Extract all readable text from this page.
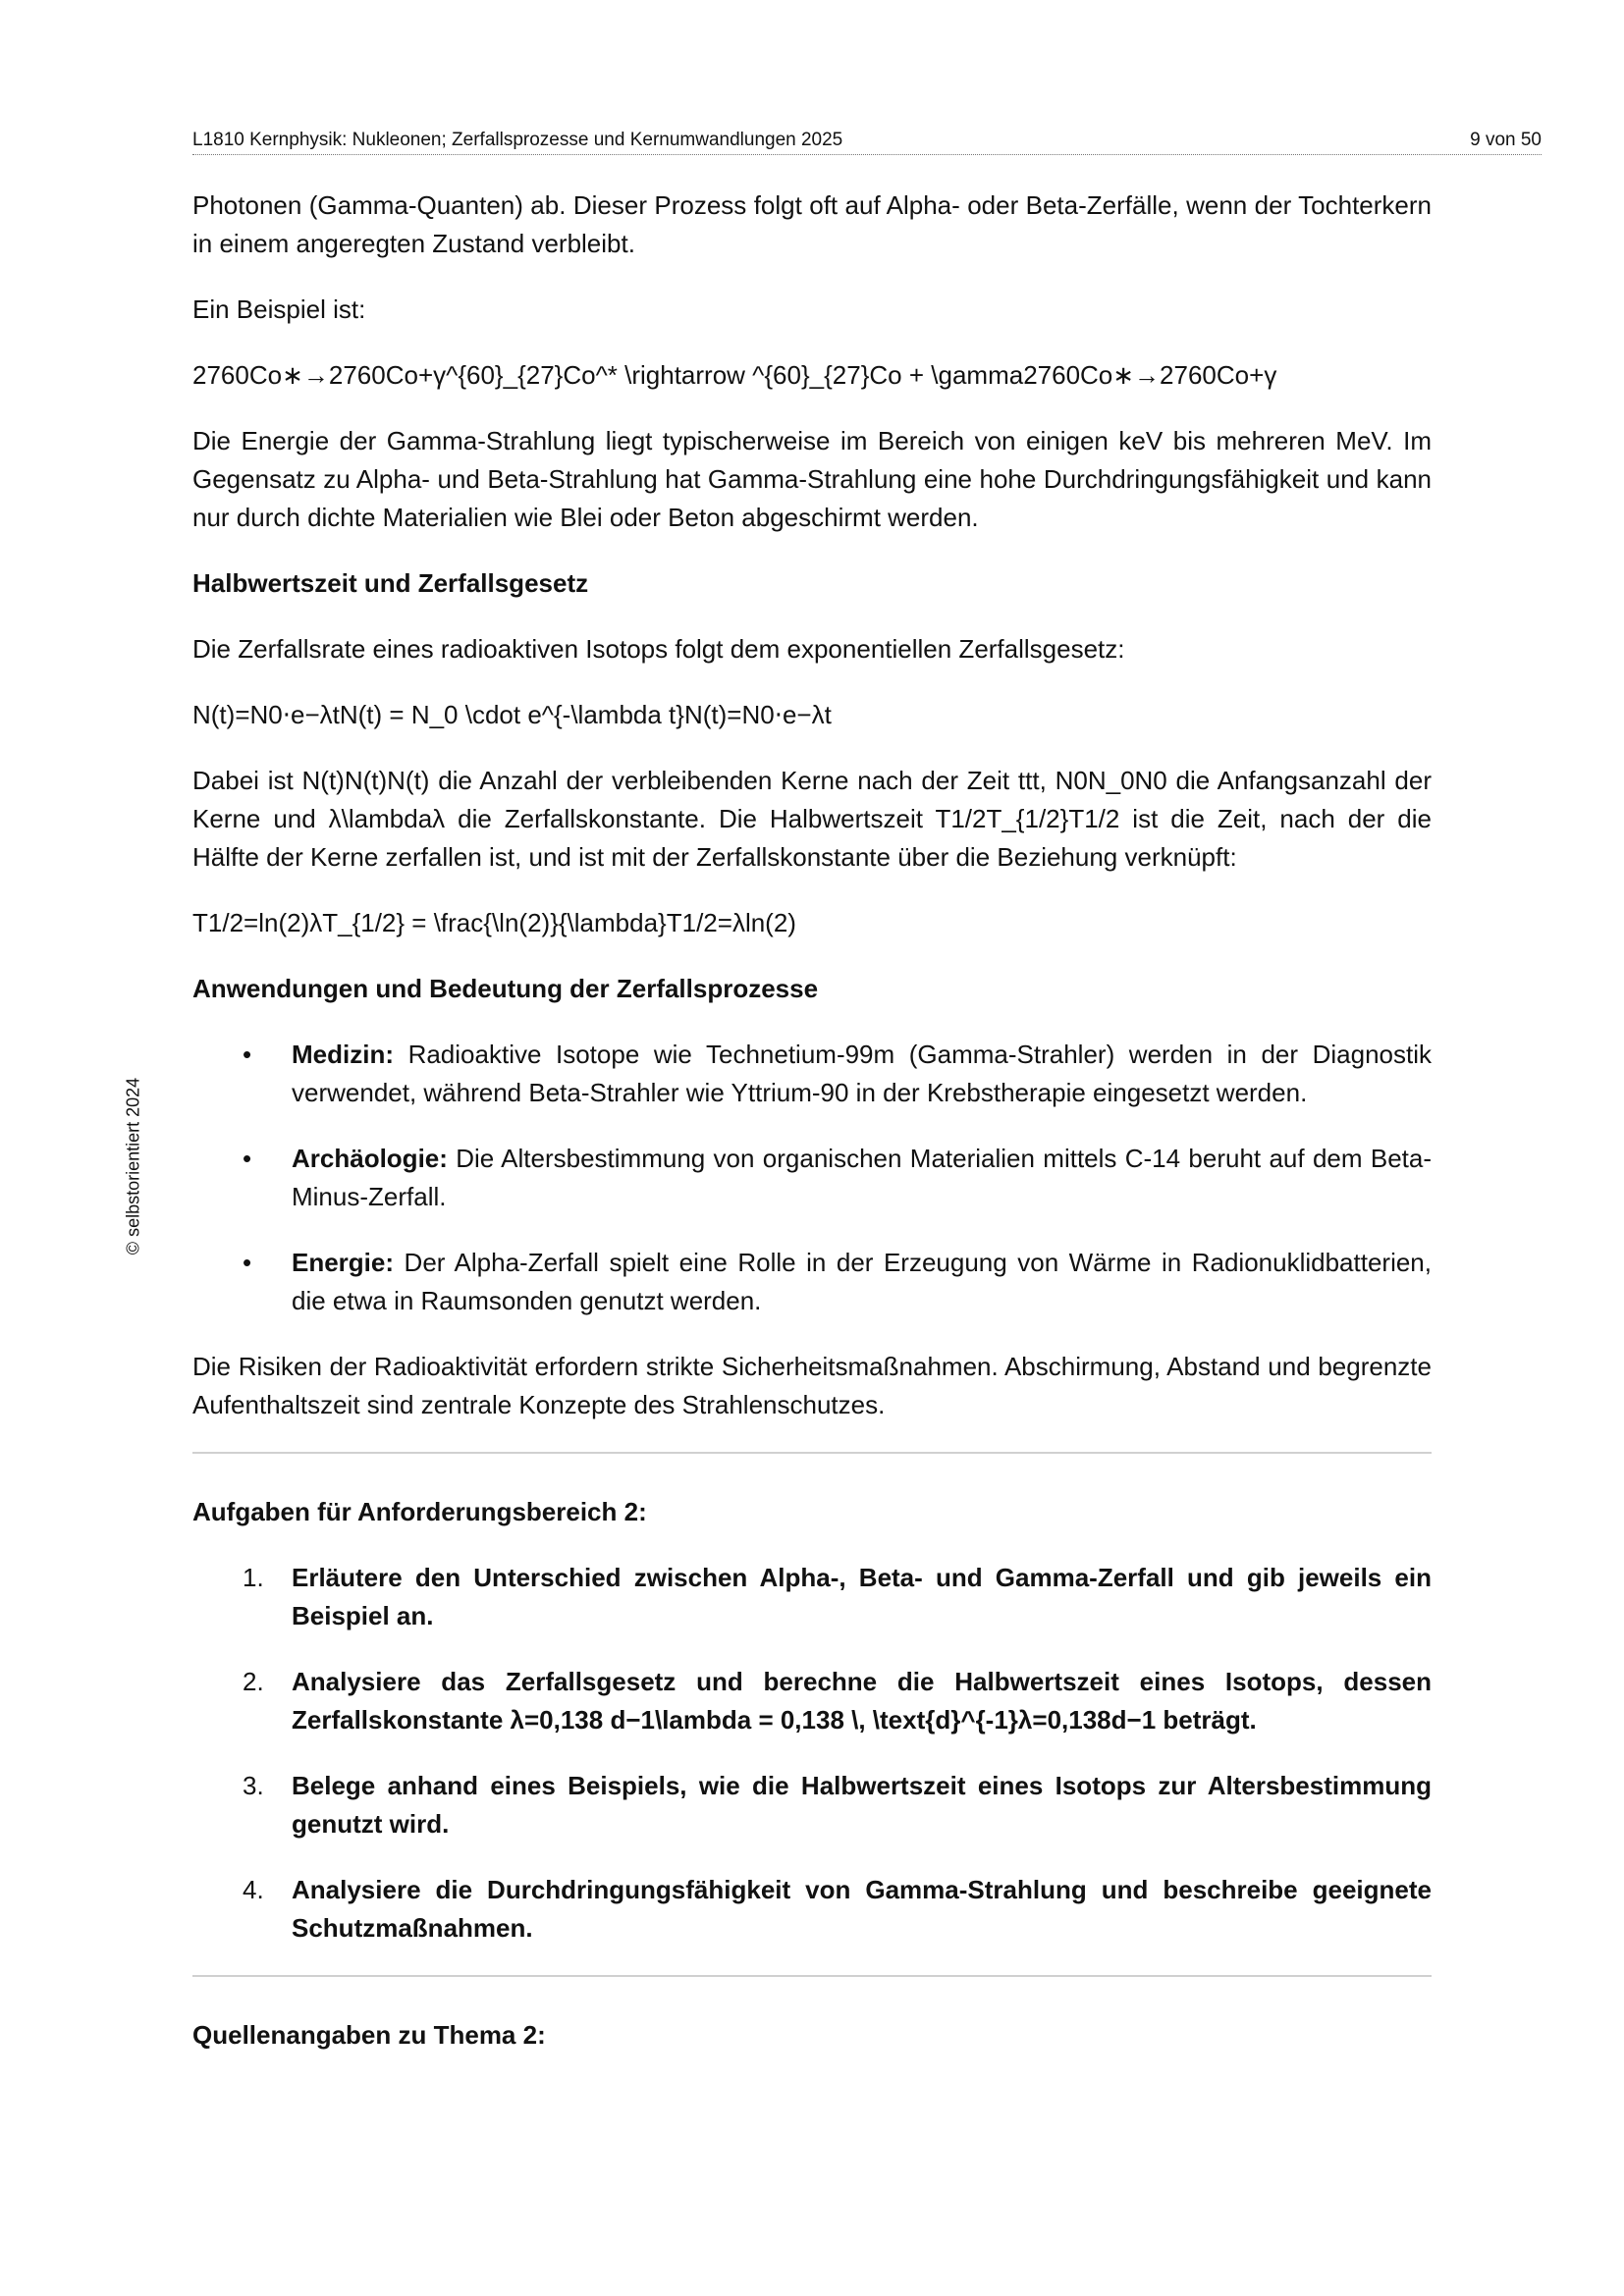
L1810 Kernphysik: Nukleonen; Zerfallsprozesse und Kernumwandlungen 2025	9 von 50
© selbstorientiert 2024

Photonen (Gamma-Quanten) ab. Dieser Prozess folgt oft auf Alpha- oder Beta-Zerfälle, wenn der Tochterkern in einem angeregten Zustand verbleibt.

Ein Beispiel ist:

2760Co∗→2760Co+γ^{60}_{27}Co^* \rightarrow ^{60}_{27}Co + \gamma2760Co∗→2760Co+γ

Die Energie der Gamma-Strahlung liegt typischerweise im Bereich von einigen keV bis mehreren MeV. Im Gegensatz zu Alpha- und Beta-Strahlung hat Gamma-Strahlung eine hohe Durchdringungsfähigkeit und kann nur durch dichte Materialien wie Blei oder Beton abgeschirmt werden.

Halbwertszeit und Zerfallsgesetz

Die Zerfallsrate eines radioaktiven Isotops folgt dem exponentiellen Zerfallsgesetz:

N(t)=N0⋅e−λtN(t) = N_0 \cdot e^{-\lambda t}N(t)=N0⋅e−λt

Dabei ist N(t)N(t)N(t) die Anzahl der verbleibenden Kerne nach der Zeit ttt, N0N_0N0 die Anfangsanzahl der Kerne und λ\lambdaλ die Zerfallskonstante. Die Halbwertszeit T1/2T_{1/2}T1/2 ist die Zeit, nach der die Hälfte der Kerne zerfallen ist, und ist mit der Zerfallskonstante über die Beziehung verknüpft:

T1/2=ln⁡(2)λT_{1/2} = \frac{\ln(2)}{\lambda}T1/2=λln(2)
Anwendungen und Bedeutung der Zerfallsprozesse
• Medizin: Radioaktive Isotope wie Technetium-99m (Gamma-Strahler) werden in der Diagnostik verwendet, während Beta-Strahler wie Yttrium-90 in der Krebstherapie eingesetzt werden.
• Archäologie: Die Altersbestimmung von organischen Materialien mittels C-14 beruht auf dem Beta-Minus-Zerfall.
• Energie: Der Alpha-Zerfall spielt eine Rolle in der Erzeugung von Wärme in Radionuklidbatterien, die etwa in Raumsonden genutzt werden.

Die Risiken der Radioaktivität erfordern strikte Sicherheitsmaßnahmen. Abschirmung, Abstand und begrenzte Aufenthaltszeit sind zentrale Konzepte des Strahlenschutzes.

Aufgaben für Anforderungsbereich 2:
1. Erläutere den Unterschied zwischen Alpha-, Beta- und Gamma-Zerfall und gib jeweils ein Beispiel an.
2. Analysiere das Zerfallsgesetz und berechne die Halbwertszeit eines Isotops, dessen Zerfallskonstante λ=0,138 d−1\lambda = 0,138 \, \text{d}^{-1}λ=0,138d−1 beträgt.
3. Belege anhand eines Beispiels, wie die Halbwertszeit eines Isotops zur Altersbestimmung genutzt wird.
4. Analysiere die Durchdringungsfähigkeit von Gamma-Strahlung und beschreibe geeignete Schutzmaßnahmen.
Quellenangaben zu Thema 2:
